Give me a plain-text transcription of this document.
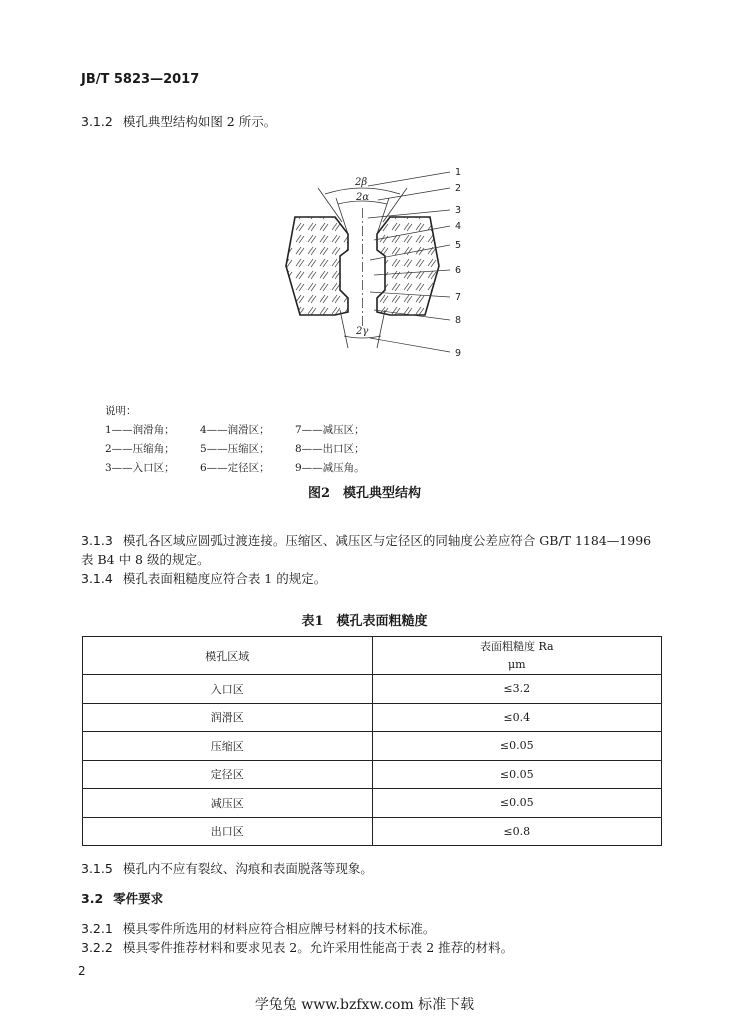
JB/T 5823—2017
3.1.2 模孔典型结构如图 2 所示。
2β
2α
2γ
1
2
3
4
5
6
7
8
9
说明：
1——润滑角； 4——润滑区； 7——减压区；
2——压缩角； 5——压缩区； 8——出口区；
3——入口区； 6——定径区； 9——减压角。
图2　模孔典型结构
3.1.3 模孔各区域应圆弧过渡连接。压缩区、减压区与定径区的同轴度公差应符合 GB/T 1184—1996
表 B4 中 8 级的规定。
3.1.4 模孔表面粗糙度应符合表 1 的规定。
表1　模孔表面粗糙度
模孔区域	表面粗糙度 Ra
μm

入口区	≤3.2
润滑区	≤0.4
压缩区	≤0.05
定径区	≤0.05
减压区	≤0.05
出口区	≤0.8
3.1.5 模孔内不应有裂纹、沟痕和表面脱落等现象。
3.2 零件要求
3.2.1 模具零件所选用的材料应符合相应牌号材料的技术标准。
3.2.2 模具零件推荐材料和要求见表 2。允许采用性能高于表 2 推荐的材料。
2
学兔兔 www.bzfxw.com 标准下载
